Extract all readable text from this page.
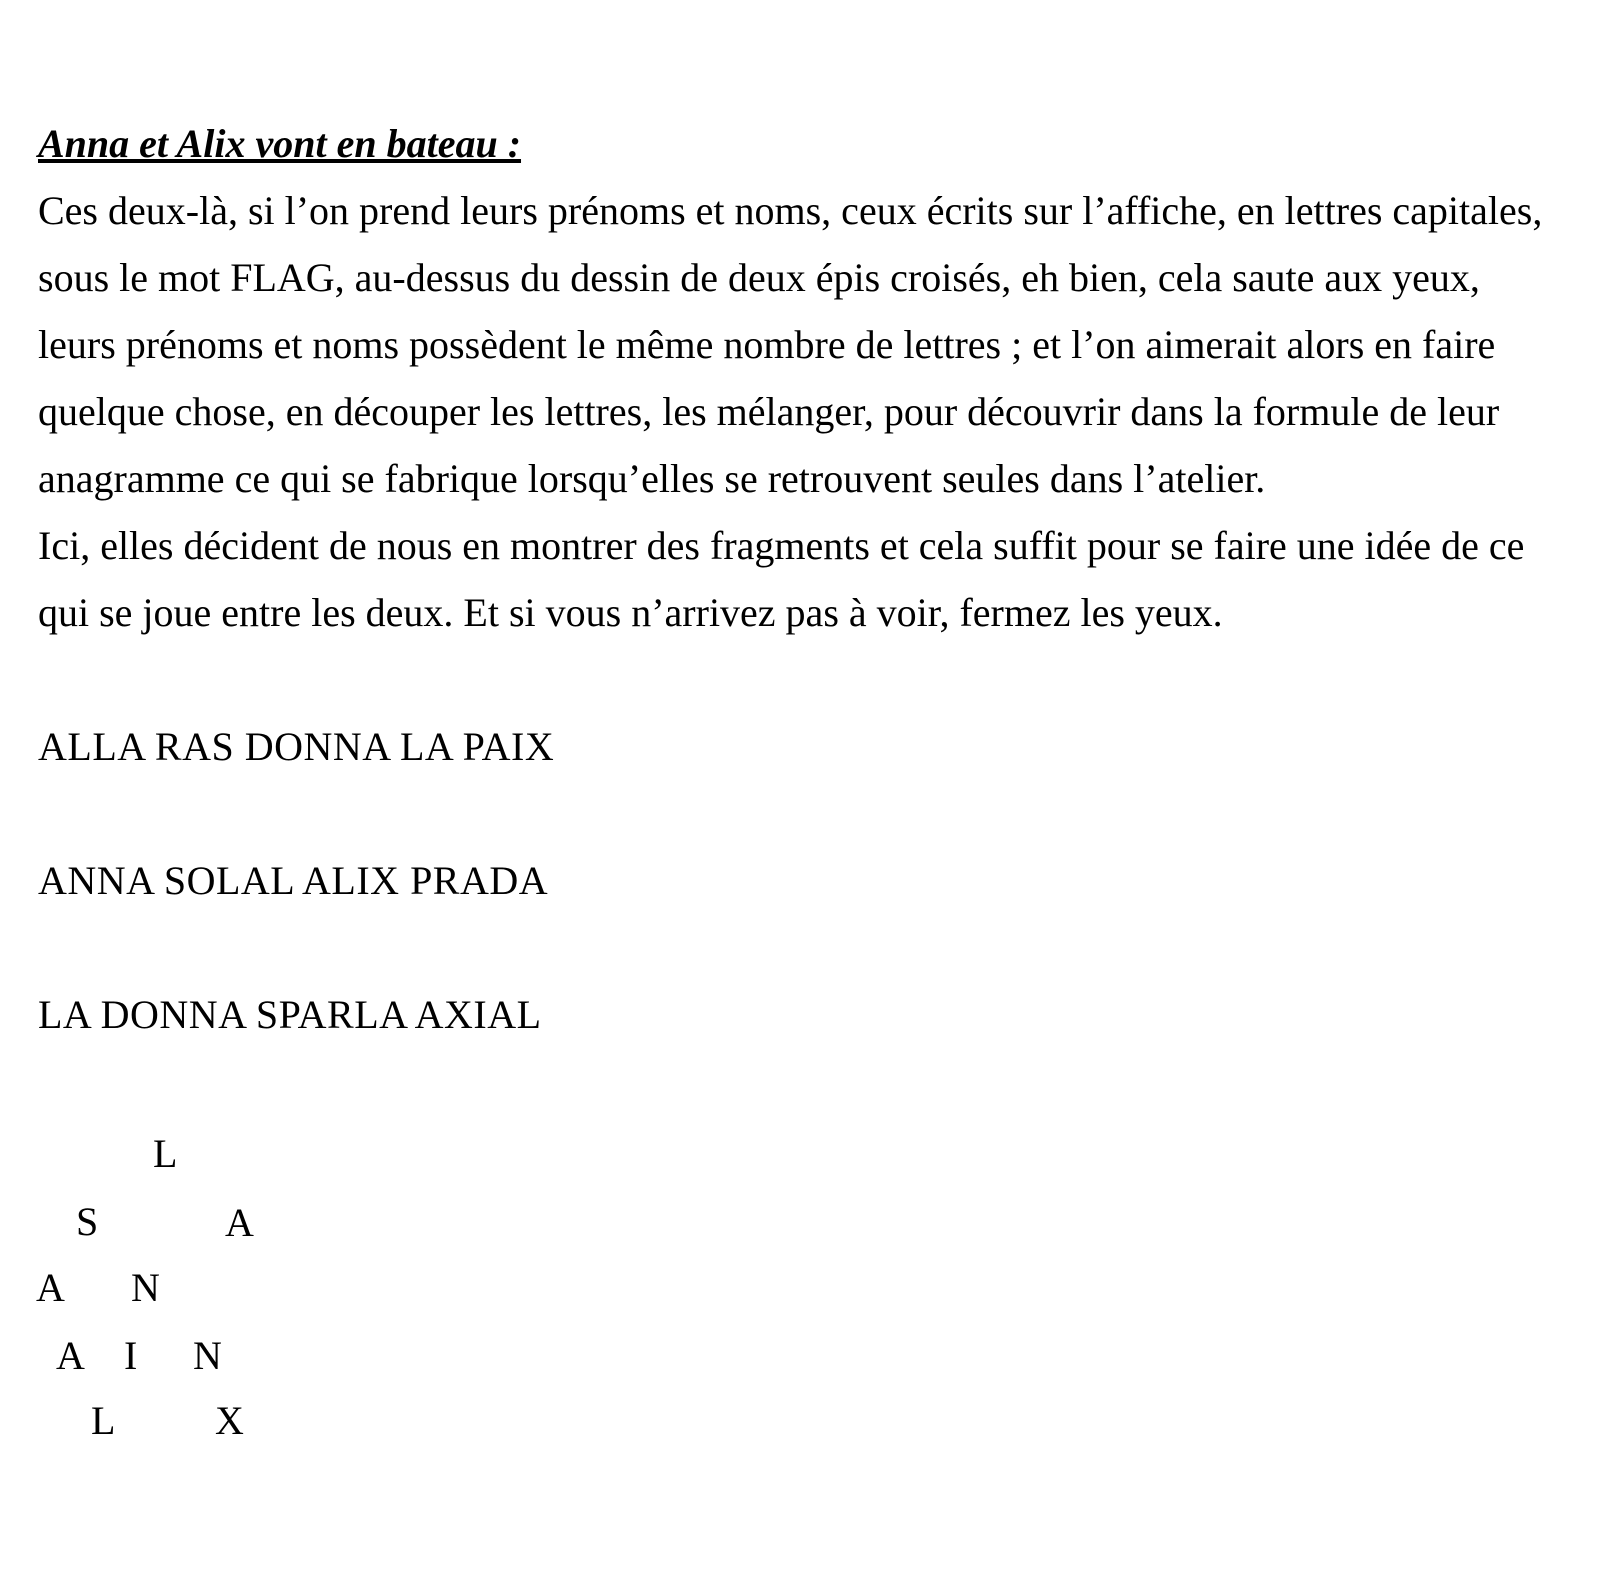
Anna et Alix vont en bateau :
Ces deux-là, si l’on prend leurs prénoms et noms, ceux écrits sur l’affiche, en lettres capitales,
sous le mot FLAG, au-dessus du dessin de deux épis croisés, eh bien, cela saute aux yeux,
leurs prénoms et noms possèdent le même nombre de lettres ; et l’on aimerait alors en faire
quelque chose, en découper les lettres, les mélanger, pour découvrir dans la formule de leur
anagramme ce qui se fabrique lorsqu’elles se retrouvent seules dans l’atelier.
Ici, elles décident de nous en montrer des fragments et cela suffit pour se faire une idée de ce
qui se joue entre les deux. Et si vous n’arrivez pas à voir, fermez les yeux.
ALLA RAS DONNA LA PAIX
ANNA SOLAL ALIX PRADA
LA DONNA SPARLA AXIAL
L
S	A
A N
A I N
L X
